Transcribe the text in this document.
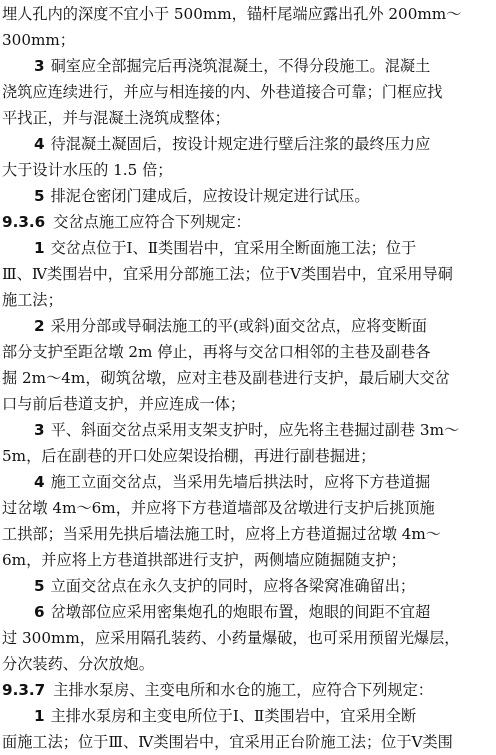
埋人孔内的深度不宜小于 500mm，锚杆尾端应露出孔外 200mm～
300mm；
3 硐室应全部掘完后再浇筑混凝土，不得分段施工。混凝土
浇筑应连续进行，并应与相连接的内、外巷道接合可靠；门框应找
平找正，并与混凝土浇筑成整体；
4 待混凝土凝固后，按设计规定进行壁后注浆的最终压力应
大于设计水压的 1.5 倍；
5 排泥仓密闭门建成后，应按设计规定进行试压。
9.3.6 交岔点施工应符合下列规定：
1 交岔点位于Ⅰ、Ⅱ类围岩中，宜采用全断面施工法；位于
Ⅲ、Ⅳ类围岩中，宜采用分部施工法；位于Ⅴ类围岩中，宜采用导硐
施工法；
2 采用分部或导硐法施工的平(或斜)面交岔点，应将变断面
部分支护至距岔墩 2m 停止，再将与交岔口相邻的主巷及副巷各
掘 2m～4m，砌筑岔墩，应对主巷及副巷进行支护，最后刷大交岔
口与前后巷道支护，并应连成一体；
3 平、斜面交岔点采用支架支护时，应先将主巷掘过副巷 3m～
5m，后在副巷的开口处应架设抬棚，再进行副巷掘进；
4 施工立面交岔点，当采用先墙后拱法时，应将下方巷道掘
过岔墩 4m～6m，并应将下方巷道墙部及岔墩进行支护后挑顶施
工拱部；当采用先拱后墙法施工时，应将上方巷道掘过岔墩 4m～
6m，并应将上方巷道拱部进行支护，两侧墙应随掘随支护；
5 立面交岔点在永久支护的同时，应将各梁窝准确留出；
6 岔墩部位应采用密集炮孔的炮眼布置，炮眼的间距不宜超
过 300mm，应采用隔孔装药、小药量爆破，也可采用预留光爆层，
分次装药、分次放炮。
9.3.7 主排水泵房、主变电所和水仓的施工，应符合下列规定：
1 主排水泵房和主变电所位于Ⅰ、Ⅱ类围岩中，宜采用全断
面施工法；位于Ⅲ、Ⅳ类围岩中，宜采用正台阶施工法；位于Ⅴ类围
